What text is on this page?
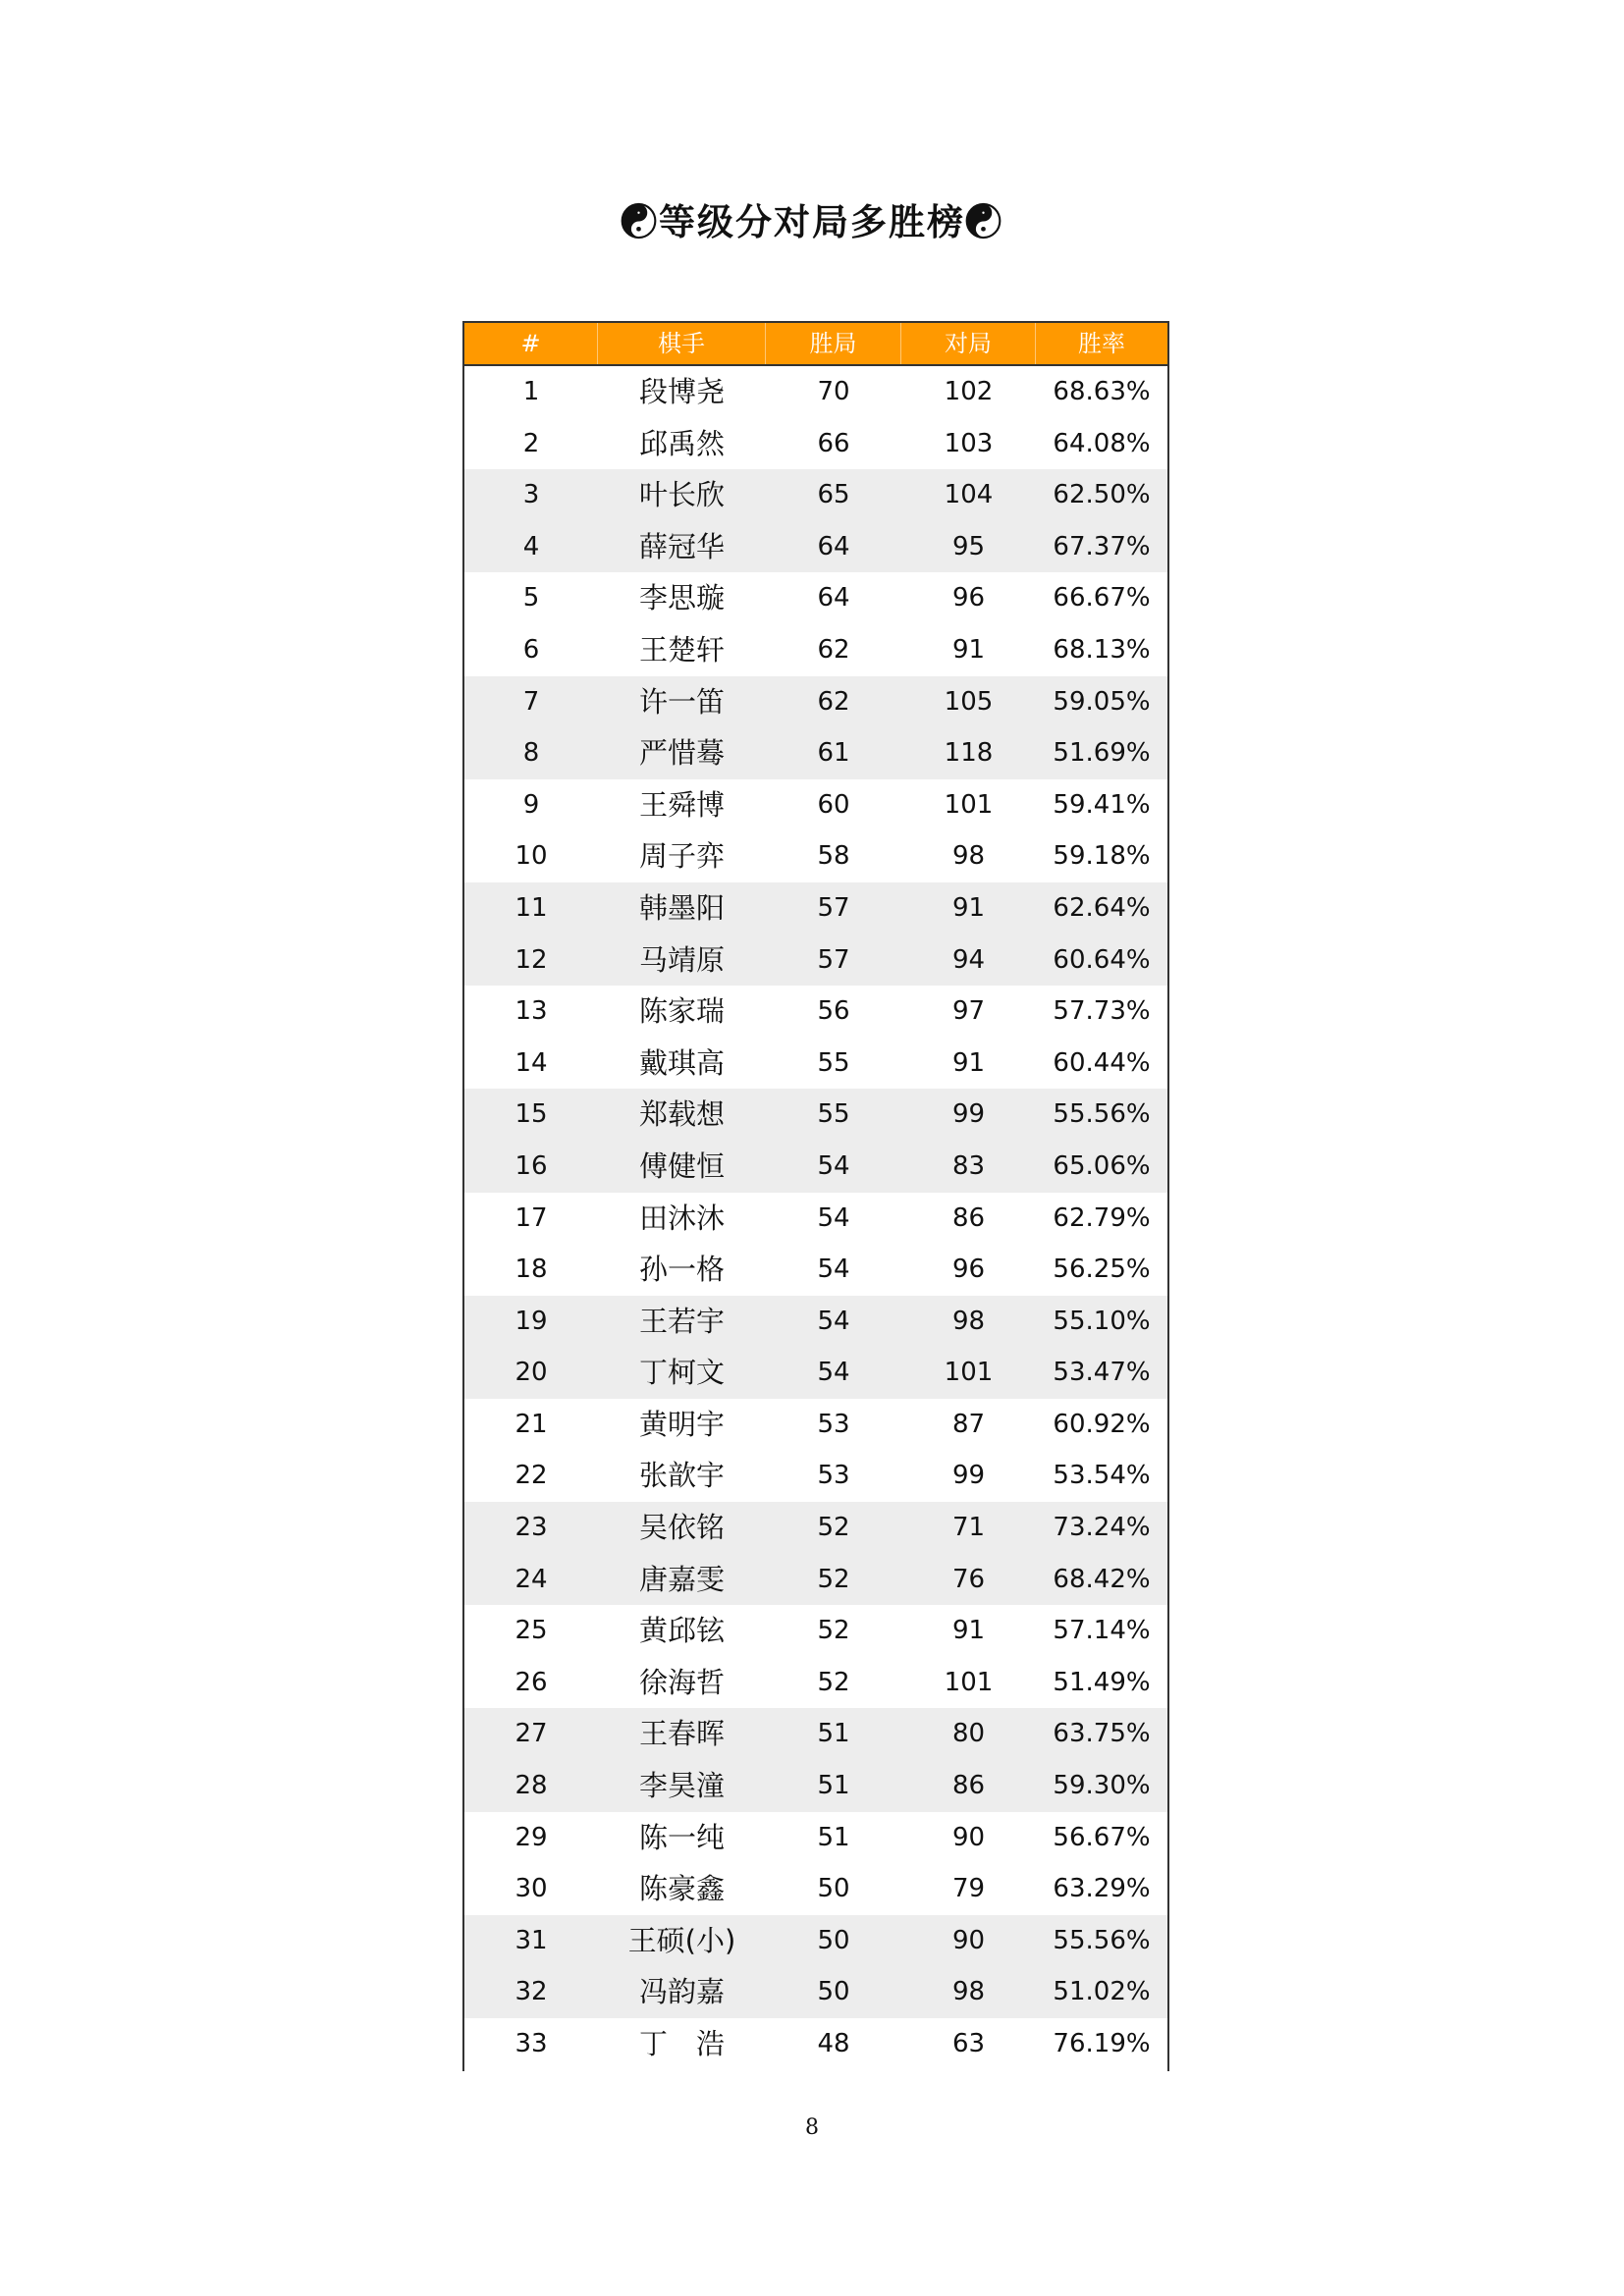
☯等级分对局多胜榜☯
#	棋手	胜局	对局	胜率
1	段博尧	70	102	68.63%
2	邱禹然	66	103	64.08%
3	叶长欣	65	104	62.50%
4	薛冠华	64	95	67.37%
5	李思璇	64	96	66.67%
6	王楚轩	62	91	68.13%
7	许一笛	62	105	59.05%
8	严惜蓦	61	118	51.69%
9	王舜博	60	101	59.41%
10	周子弈	58	98	59.18%
11	韩墨阳	57	91	62.64%
12	马靖原	57	94	60.64%
13	陈家瑞	56	97	57.73%
14	戴琪高	55	91	60.44%
15	郑载想	55	99	55.56%
16	傅健恒	54	83	65.06%
17	田沐沐	54	86	62.79%
18	孙一格	54	96	56.25%
19	王若宇	54	98	55.10%
20	丁柯文	54	101	53.47%
21	黄明宇	53	87	60.92%
22	张歆宇	53	99	53.54%
23	吴依铭	52	71	73.24%
24	唐嘉雯	52	76	68.42%
25	黄邱铉	52	91	57.14%
26	徐海哲	52	101	51.49%
27	王春晖	51	80	63.75%
28	李昊潼	51	86	59.30%
29	陈一纯	51	90	56.67%
30	陈豪鑫	50	79	63.29%
31	王硕(小)	50	90	55.56%
32	冯韵嘉	50	98	51.02%
33	丁　浩	48	63	76.19%
8
